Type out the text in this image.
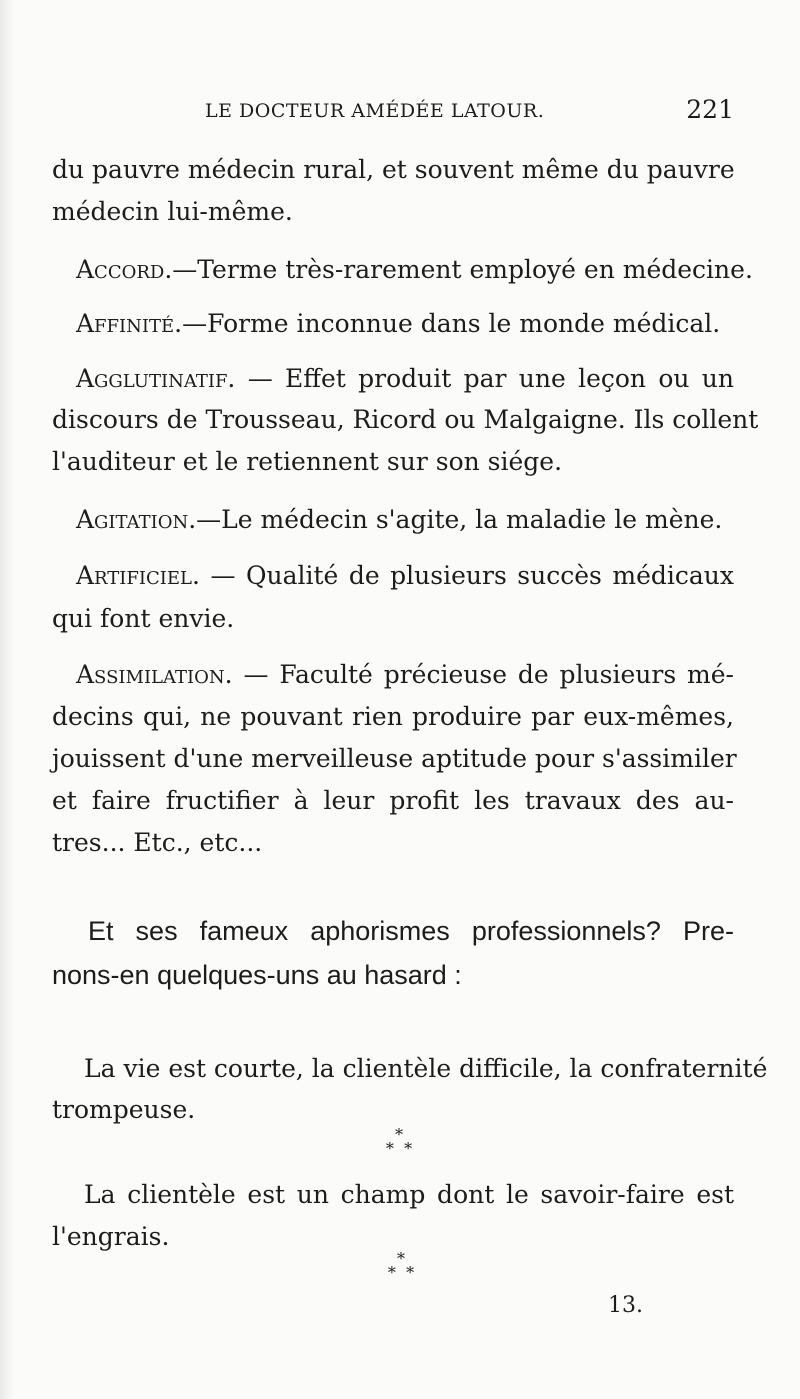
LE DOCTEUR AMÉDÉE LATOUR.	221
du pauvre médecin rural, et souvent même du pauvre
médecin lui-même.
Accord.—Terme très-rarement employé en médecine.
Affinité.—Forme inconnue dans le monde médical.
Agglutinatif. — Effet produit par une leçon ou un
discours de Trousseau, Ricord ou Malgaigne. Ils collent
l'auditeur et le retiennent sur son siége.
Agitation.—Le médecin s'agite, la maladie le mène.
Artificiel. — Qualité de plusieurs succès médicaux
qui font envie.
Assimilation. — Faculté précieuse de plusieurs mé-
decins qui, ne pouvant rien produire par eux-mêmes,
jouissent d'une merveilleuse aptitude pour s'assimiler
et faire fructifier à leur profit les travaux des au-
tres... Etc., etc...
Et ses fameux aphorismes professionnels? Pre-
nons-en quelques-uns au hasard :
La vie est courte, la clientèle difficile, la confraternité
trompeuse.
*
*  *
La clientèle est un champ dont le savoir-faire est
l'engrais.
*
*  *
13.
